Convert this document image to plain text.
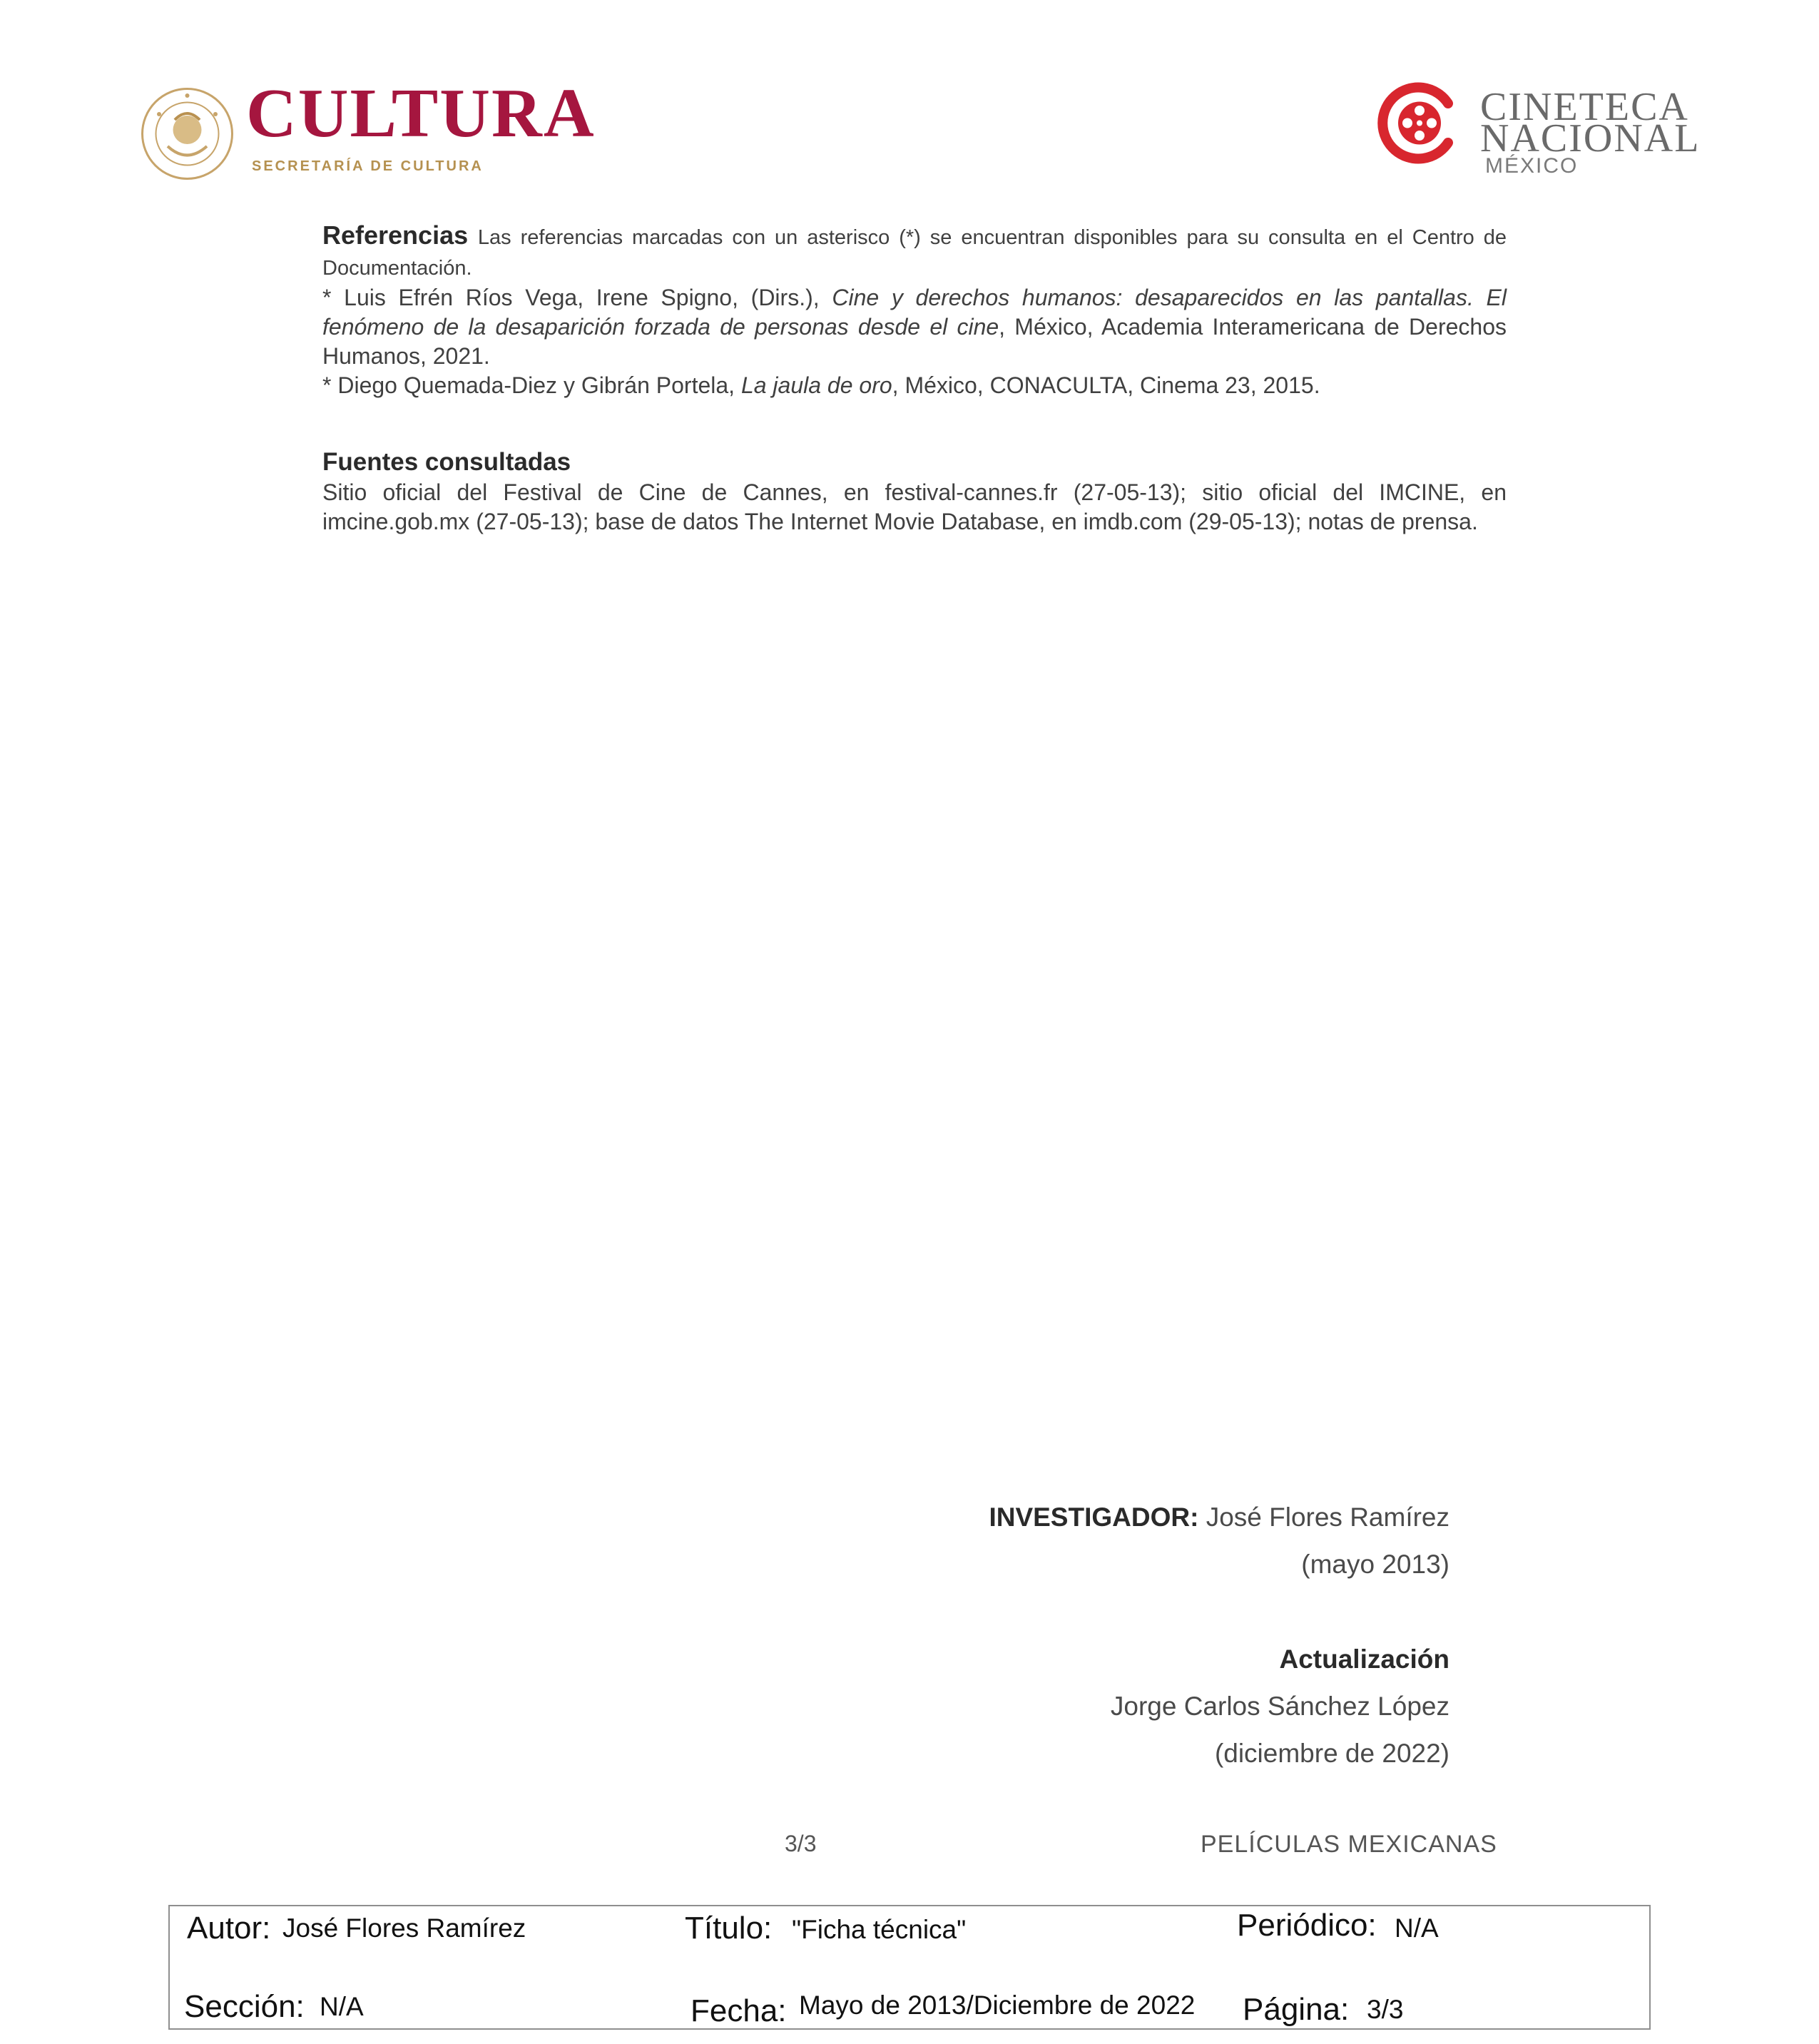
CULTURA
SECRETARÍA DE CULTURA
CINETECA
NACIONAL
MÉXICO

Referencias Las referencias marcadas con un asterisco (*) se encuentran disponibles para su consulta en el Centro de Documentación.
* Luis Efrén Ríos Vega, Irene Spigno, (Dirs.), Cine y derechos humanos: desaparecidos en las pantallas. El fenómeno de la desaparición forzada de personas desde el cine, México, Academia Interamericana de Derechos Humanos, 2021.
* Diego Quemada-Diez y Gibrán Portela, La jaula de oro, México, CONACULTA, Cinema 23, 2015.

Fuentes consultadas

Sitio oficial del Festival de Cine de Cannes, en festival-cannes.fr (27-05-13); sitio oficial del IMCINE, en imcine.gob.mx (27-05-13); base de datos The Internet Movie Database, en imdb.com (29-05-13); notas de prensa.

INVESTIGADOR: José Flores Ramírez
(mayo 2013)
Actualización
Jorge Carlos Sánchez López
(diciembre de 2022)
3/3	PELÍCULAS MEXICANAS
Autor: José Flores Ramírez	Título: "Ficha técnica"	Periódico: N/A
Sección: N/A	Fecha: Mayo de 2013/Diciembre de 2022 Página: 3/3
